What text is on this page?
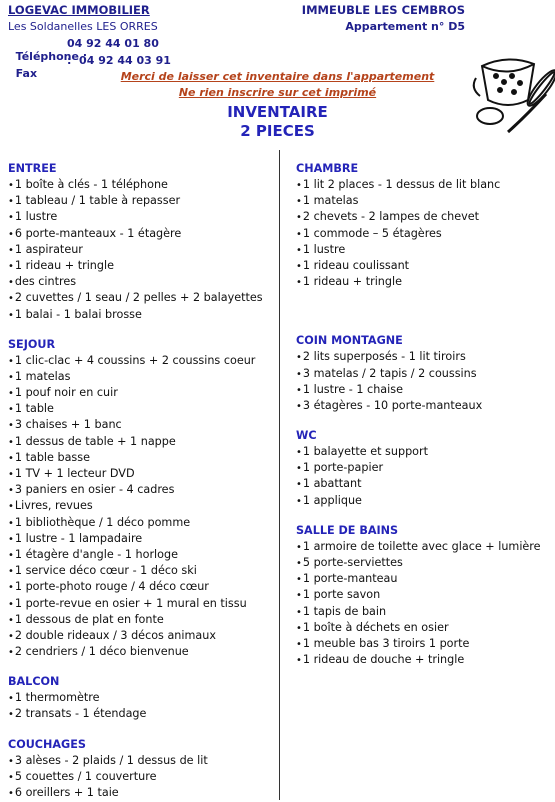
LOGEVAC IMMOBILIER
Les Soldanelles LES ORRES

Téléphone :
04 92 44 01 80

Fax
:  04 92 44 03 91

IMMEUBLE LES CEMBROS
Appartement n° D5
Merci de laisser cet inventaire dans l'appartement
Ne rien inscrire sur cet imprimé
INVENTAIRE
2 PIECES
ENTREE
•1 boîte à clés - 1 téléphone
•1 tableau / 1 table à repasser
•1 lustre
•6 porte-manteaux - 1 étagère
•1 aspirateur
•1 rideau + tringle
•des cintres
•2 cuvettes / 1 seau / 2 pelles + 2 balayettes
•1 balai - 1 balai brosse
SEJOUR
•1 clic-clac + 4 coussins + 2 coussins coeur
•1 matelas
•1 pouf noir en cuir
•1 table
•3 chaises + 1 banc
•1 dessus de table + 1 nappe
•1 table basse
•1 TV + 1 lecteur DVD
•3 paniers en osier - 4 cadres
•Livres, revues
•1 bibliothèque / 1 déco pomme
•1 lustre - 1 lampadaire
•1 étagère d'angle - 1 horloge
•1 service déco cœur - 1 déco ski
•1 porte-photo rouge / 4 déco cœur
•1 porte-revue en osier + 1 mural en tissu
•1 dessous de plat en fonte
•2 double rideaux / 3 décos animaux
•2 cendriers / 1 déco bienvenue
BALCON
•1 thermomètre
•2 transats - 1 étendage
COUCHAGES
•3 alèses - 2 plaids / 1 dessus de lit
•5 couettes / 1 couverture
•6 oreillers + 1 taie
CHAMBRE
•1 lit 2 places - 1 dessus de lit blanc
•1 matelas
•2 chevets - 2 lampes de chevet
•1 commode – 5 étagères
•1 lustre
•1 rideau coulissant
•1 rideau + tringle
COIN MONTAGNE
•2 lits superposés - 1 lit tiroirs
•3 matelas / 2 tapis / 2 coussins
•1 lustre - 1 chaise
•3 étagères - 10 porte-manteaux
WC
•1 balayette et support
•1 porte-papier
•1 abattant
•1 applique
SALLE DE BAINS
•1 armoire de toilette avec glace + lumière
•5 porte-serviettes
•1 porte-manteau
•1 porte savon
•1 tapis de bain
•1 boîte à déchets en osier
•1 meuble bas 3 tiroirs 1 porte
•1 rideau de douche + tringle
